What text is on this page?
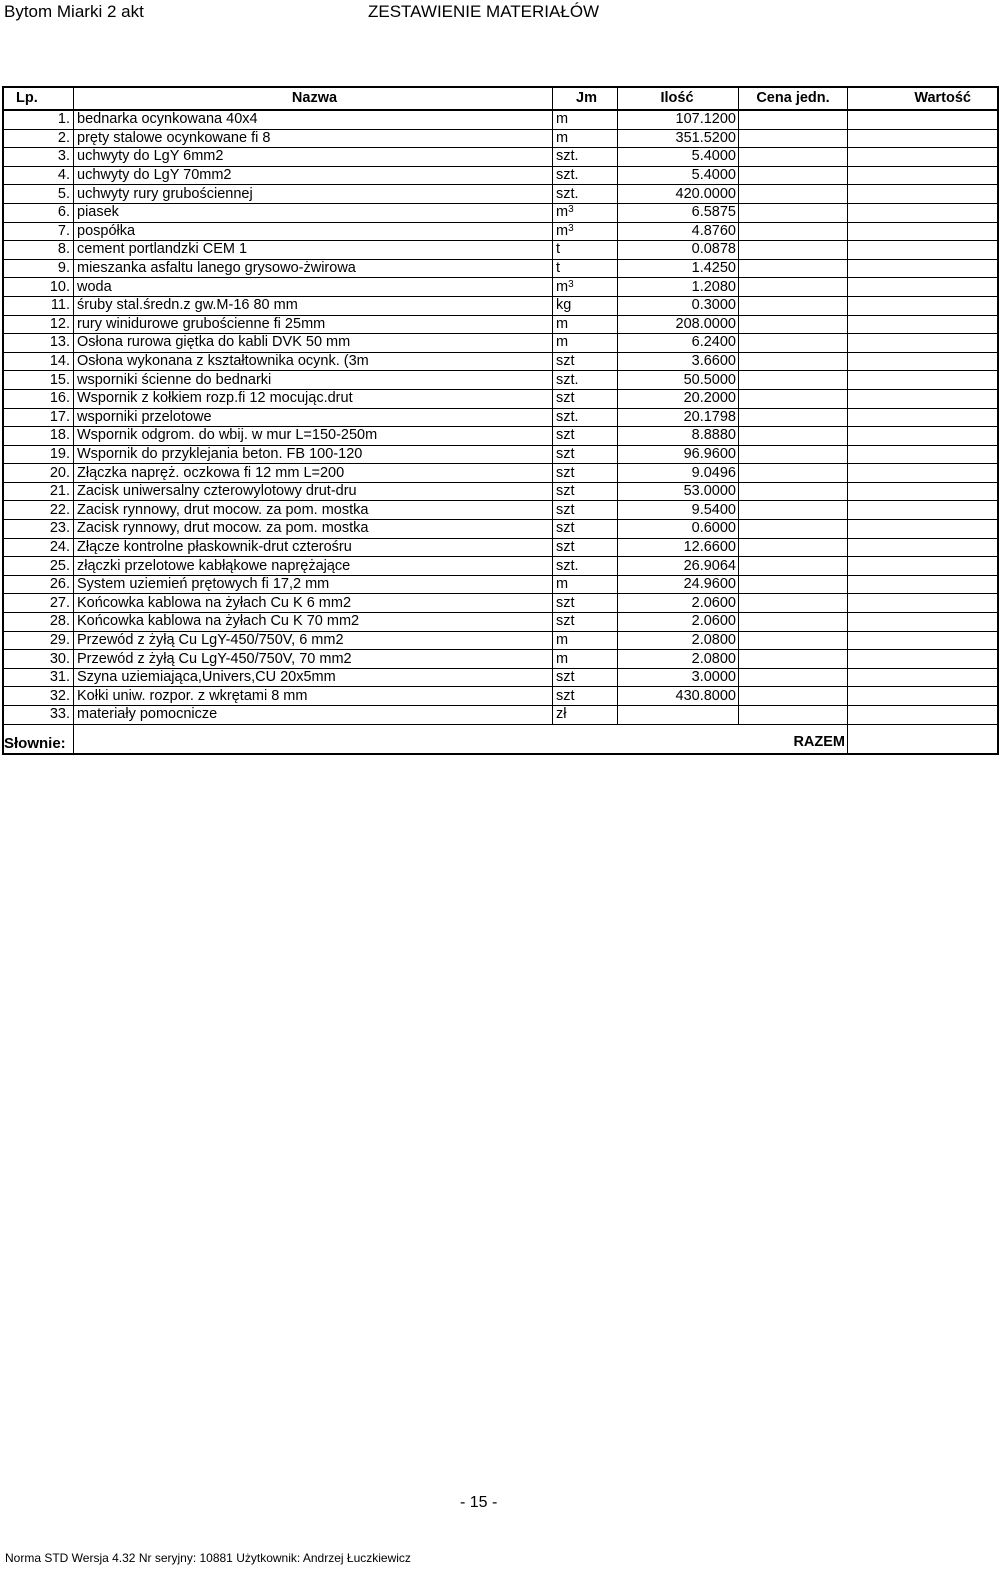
Bytom Miarki 2 akt	ZESTAWIENIE MATERIAŁÓW
Lp.	Nazwa	Jm	Ilość	Cena jedn.	Wartość
1.	bednarka ocynkowana 40x4	m	107.1200		
2.	pręty stalowe ocynkowane fi 8	m	351.5200		
3.	uchwyty do LgY 6mm2	szt.	5.4000		
4.	uchwyty do LgY 70mm2	szt.	5.4000		
5.	uchwyty rury grubościennej	szt.	420.0000		
6.	piasek	$m^3$	6.5875		
7.	pospółka	$m^3$	4.8760		
8.	cement portlandzki CEM 1	t	0.0878		
9.	mieszanka asfaltu lanego grysowo-żwirowa	t	1.4250		
10.	woda	$m^3$	1.2080		
11.	śruby stal.średn.z gw.M-16 80 mm	kg	0.3000		
12.	rury winidurowe grubościenne fi 25mm	m	208.0000		
13.	Osłona rurowa giętka do kabli DVK 50 mm	m	6.2400		
14.	Osłona wykonana z kształtownika ocynk. (3m	szt	3.6600		
15.	wsporniki ścienne do bednarki	szt.	50.5000		
16.	Wspornik z kołkiem rozp.fi 12 mocując.drut	szt	20.2000		
17.	wsporniki przelotowe	szt.	20.1798		
18.	Wspornik odgrom. do wbij. w mur L=150-250m	szt	8.8880		
19.	Wspornik do przyklejania beton. FB 100-120	szt	96.9600		
20.	Złączka napręż. oczkowa fi 12 mm L=200	szt	9.0496		
21.	Zacisk uniwersalny czterowylotowy drut-dru	szt	53.0000		
22.	Zacisk rynnowy, drut mocow. za pom. mostka	szt	9.5400		
23.	Zacisk rynnowy, drut mocow. za pom. mostka	szt	0.6000		
24.	Złącze kontrolne płaskownik-drut czterośru	szt	12.6600		
25.	złączki przelotowe kabłąkowe naprężające	szt.	26.9064		
26.	System uziemień prętowych fi 17,2 mm	m	24.9600		
27.	Końcowka kablowa na żyłach Cu K 6 mm2	szt	2.0600		
28.	Końcowka kablowa na żyłach Cu K 70 mm2	szt	2.0600		
29.	Przewód z żyłą Cu LgY-450/750V, 6 mm2	m	2.0800		
30.	Przewód z żyłą Cu LgY-450/750V, 70 mm2	m	2.0800		
31.	Szyna uziemiająca,Univers,CU 20x5mm	szt	3.0000		
32.	Kołki uniw. rozpor. z wkrętami 8 mm	szt	430.8000		
33.	materiały pomocnicze	zł			
				RAZEM	
Słownie:
- 15 -
Norma STD Wersja 4.32 Nr seryjny: 10881 Użytkownik: Andrzej Łuczkiewicz
